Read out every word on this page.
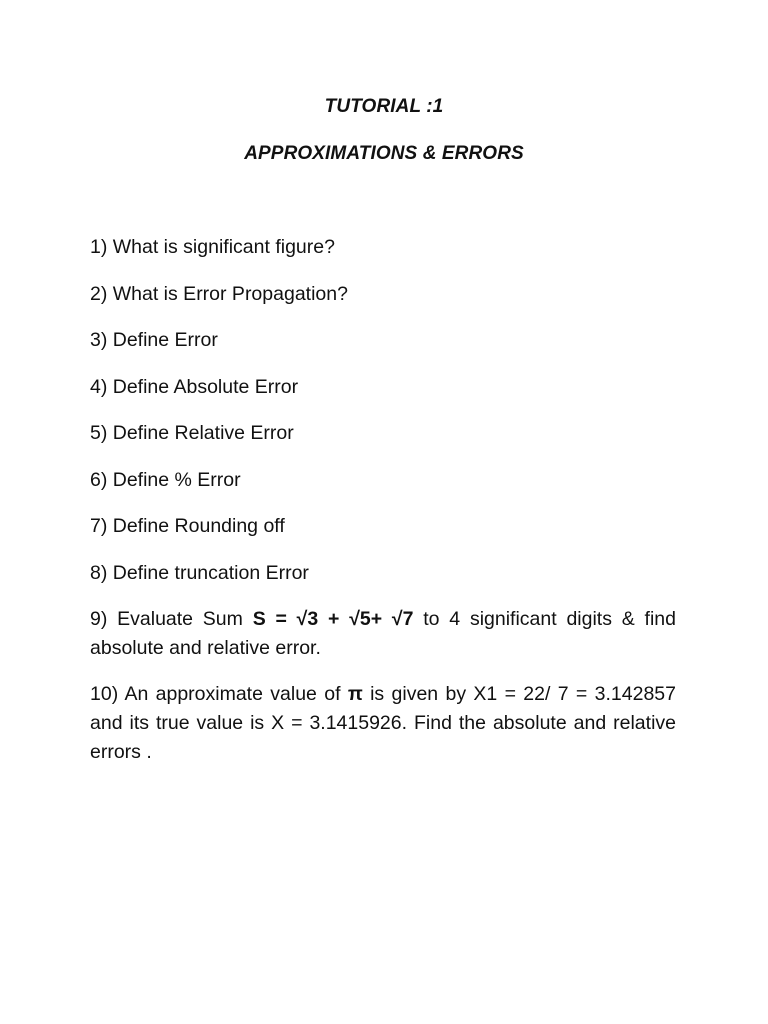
TUTORIAL :1
APPROXIMATIONS & ERRORS
1) What is significant figure?
2) What is Error Propagation?
3) Define Error
4) Define Absolute Error
5) Define Relative Error
6) Define % Error
7) Define Rounding off
8) Define truncation Error
9) Evaluate Sum S = √3 + √5+ √7 to 4 significant digits & find absolute and relative error.
10) An approximate value of π is given by X1 = 22/ 7 = 3.142857 and its true value is X = 3.1415926. Find the absolute and relative errors .
